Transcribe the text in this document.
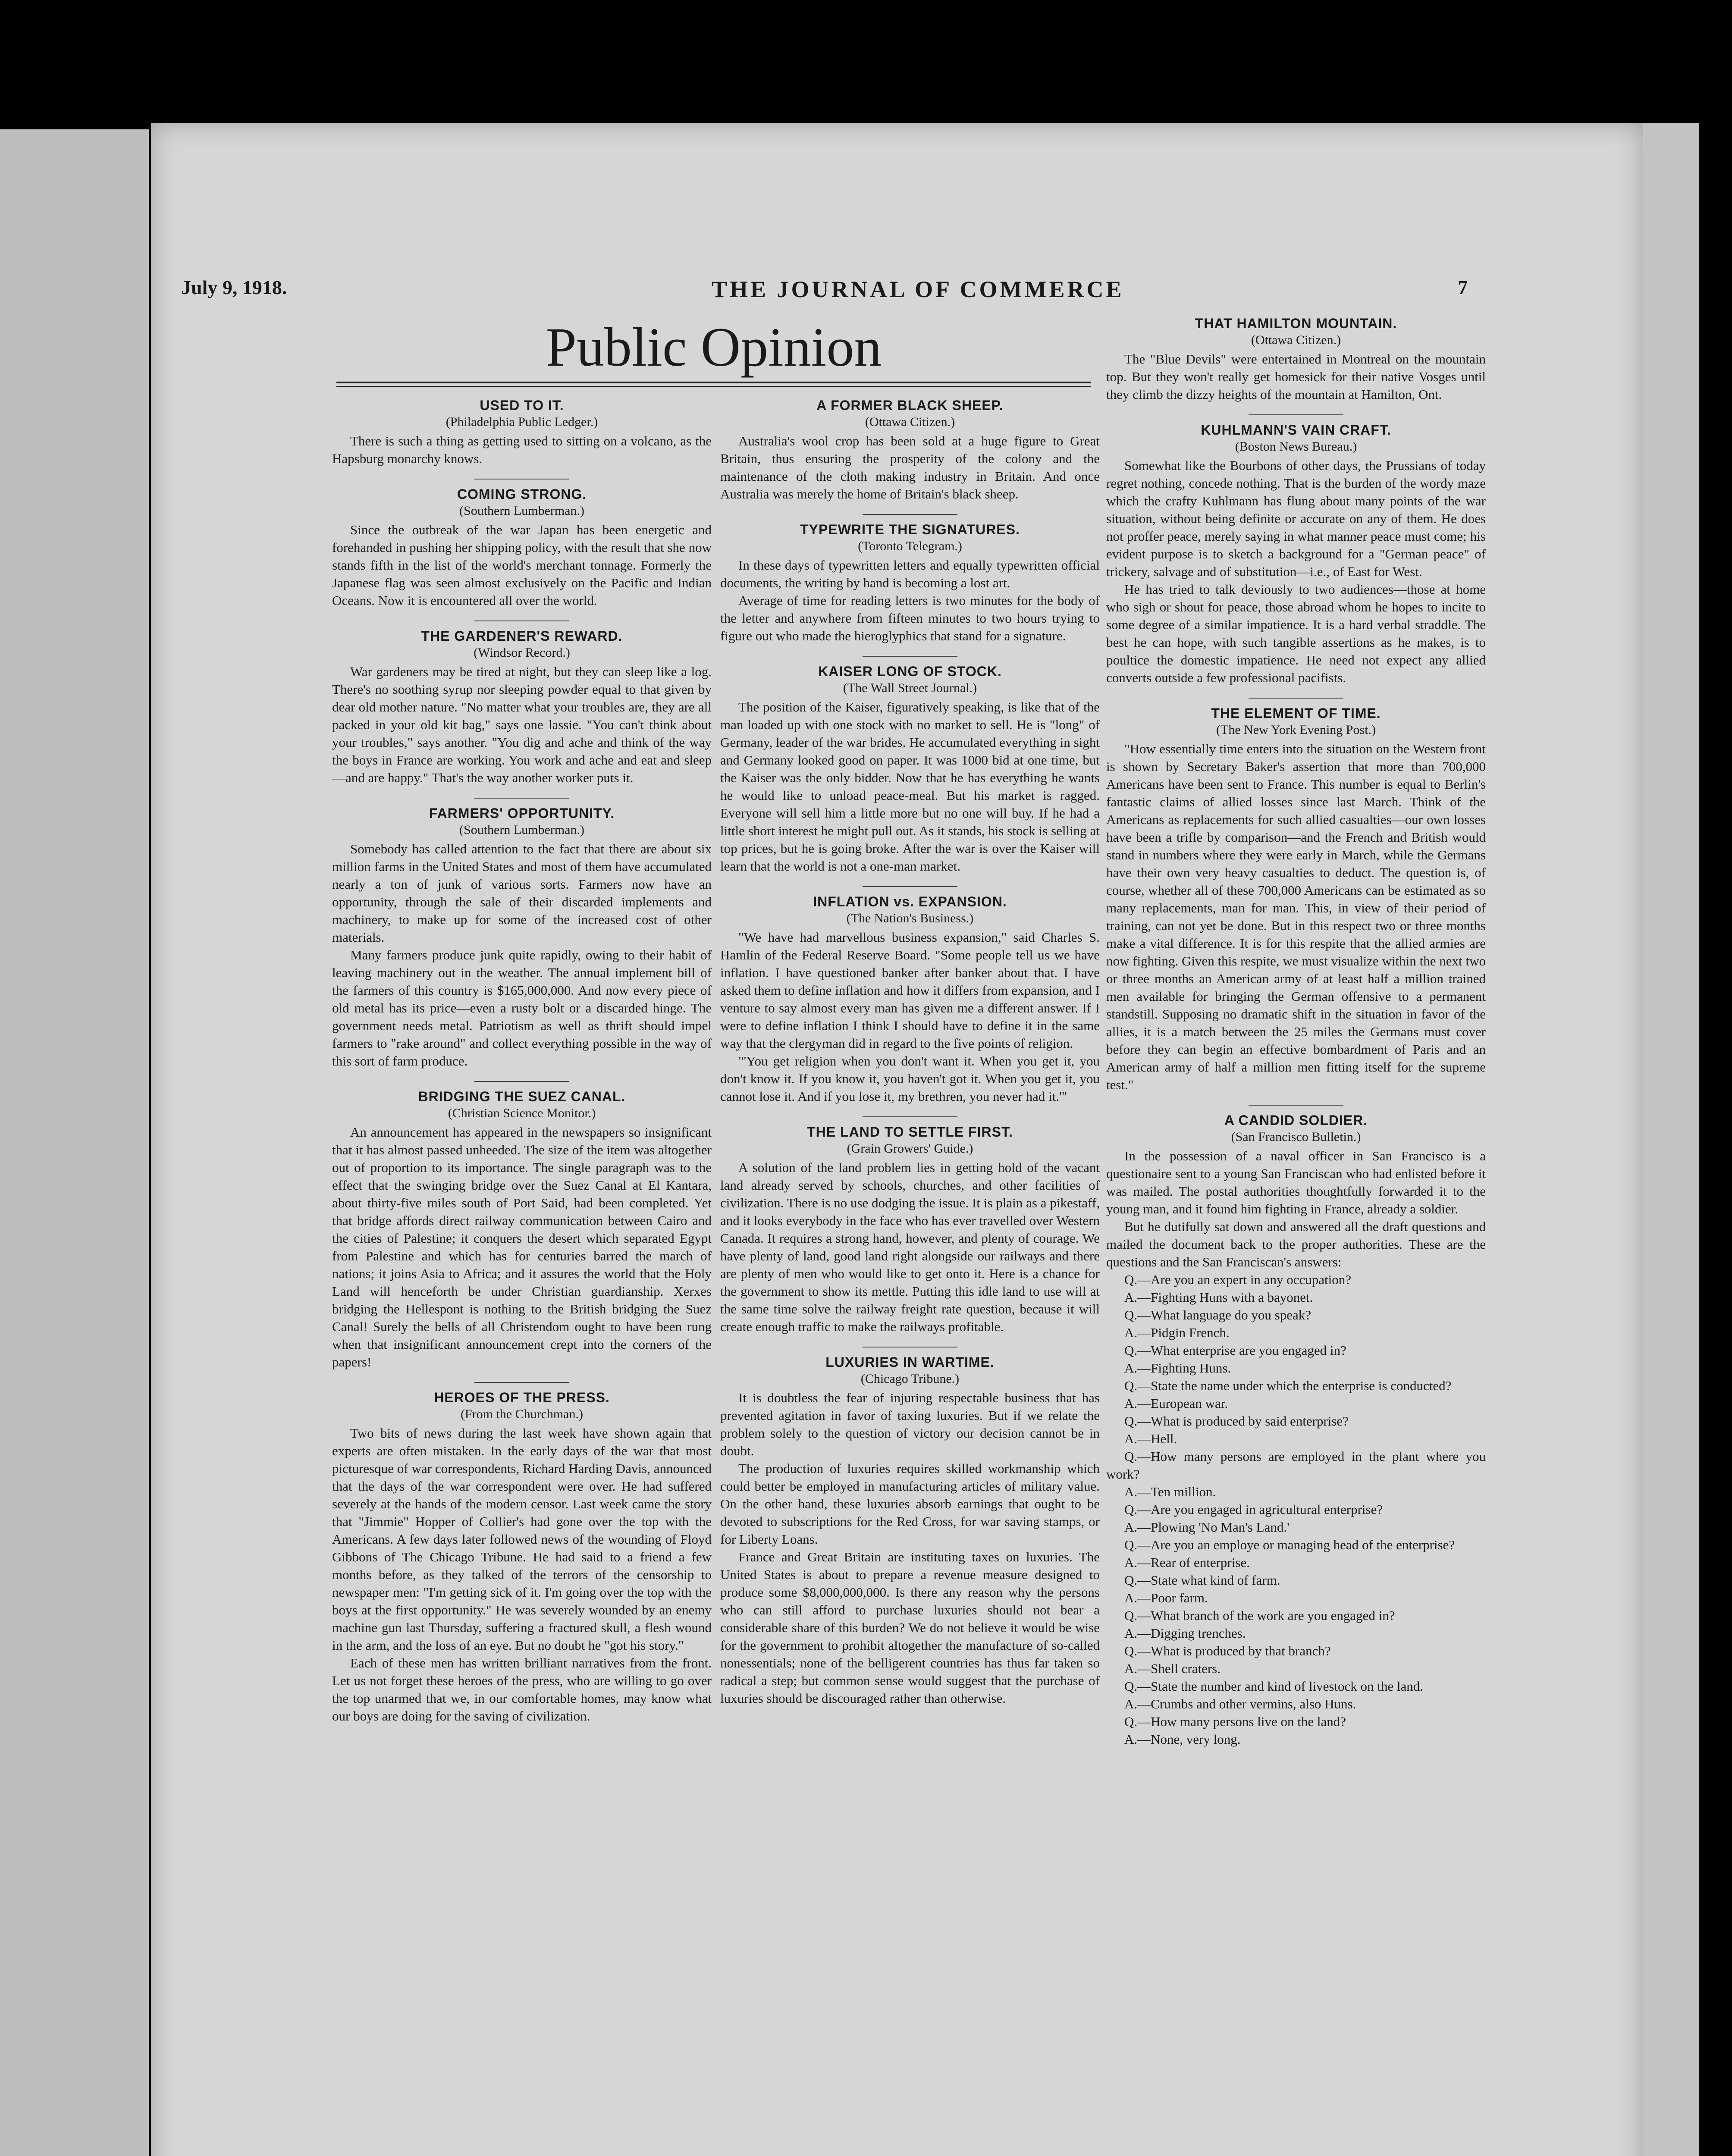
July 9, 1918.	THE JOURNAL OF COMMERCE	7
Public Opinion
USED TO IT.
(Philadelphia Public Ledger.)

There is such a thing as getting used to sitting on a volcano, as the Hapsburg monarchy knows.

COMING STRONG.
(Southern Lumberman.)

Since the outbreak of the war Japan has been energetic and forehanded in pushing her shipping policy, with the result that she now stands fifth in the list of the world's merchant tonnage. Formerly the Japanese flag was seen almost exclusively on the Pacific and Indian Oceans. Now it is encountered all over the world.

THE GARDENER'S REWARD.
(Windsor Record.)

War gardeners may be tired at night, but they can sleep like a log. There's no soothing syrup nor sleeping powder equal to that given by dear old mother nature. "No matter what your troubles are, they are all packed in your old kit bag," says one lassie. "You can't think about your troubles," says another. "You dig and ache and think of the way the boys in France are working. You work and ache and eat and sleep—and are happy." That's the way another worker puts it.

FARMERS' OPPORTUNITY.
(Southern Lumberman.)

Somebody has called attention to the fact that there are about six million farms in the United States and most of them have accumulated nearly a ton of junk of various sorts. Farmers now have an opportunity, through the sale of their discarded implements and machinery, to make up for some of the increased cost of other materials.

Many farmers produce junk quite rapidly, owing to their habit of leaving machinery out in the weather. The annual implement bill of the farmers of this country is $165,000,000. And now every piece of old metal has its price—even a rusty bolt or a discarded hinge. The government needs metal. Patriotism as well as thrift should impel farmers to "rake around" and collect everything possible in the way of this sort of farm produce.

BRIDGING THE SUEZ CANAL.
(Christian Science Monitor.)

An announcement has appeared in the newspapers so insignificant that it has almost passed unheeded. The size of the item was altogether out of proportion to its importance. The single paragraph was to the effect that the swinging bridge over the Suez Canal at El Kantara, about thirty-five miles south of Port Said, had been completed. Yet that bridge affords direct railway communication between Cairo and the cities of Palestine; it conquers the desert which separated Egypt from Palestine and which has for centuries barred the march of nations; it joins Asia to Africa; and it assures the world that the Holy Land will henceforth be under Christian guardianship. Xerxes bridging the Hellespont is nothing to the British bridging the Suez Canal! Surely the bells of all Christendom ought to have been rung when that insignificant announcement crept into the corners of the papers!

HEROES OF THE PRESS.
(From the Churchman.)

Two bits of news during the last week have shown again that experts are often mistaken. In the early days of the war that most picturesque of war correspondents, Richard Harding Davis, announced that the days of the war correspondent were over. He had suffered severely at the hands of the modern censor. Last week came the story that "Jimmie" Hopper of Collier's had gone over the top with the Americans. A few days later followed news of the wounding of Floyd Gibbons of The Chicago Tribune. He had said to a friend a few months before, as they talked of the terrors of the censorship to newspaper men: "I'm getting sick of it. I'm going over the top with the boys at the first opportunity." He was severely wounded by an enemy machine gun last Thursday, suffering a fractured skull, a flesh wound in the arm, and the loss of an eye. But no doubt he "got his story."

Each of these men has written brilliant narratives from the front. Let us not forget these heroes of the press, who are willing to go over the top unarmed that we, in our comfortable homes, may know what our boys are doing for the saving of civilization.

A FORMER BLACK SHEEP.
(Ottawa Citizen.)

Australia's wool crop has been sold at a huge figure to Great Britain, thus ensuring the prosperity of the colony and the maintenance of the cloth making industry in Britain. And once Australia was merely the home of Britain's black sheep.

TYPEWRITE THE SIGNATURES.
(Toronto Telegram.)

In these days of typewritten letters and equally typewritten official documents, the writing by hand is becoming a lost art.

Average of time for reading letters is two minutes for the body of the letter and anywhere from fifteen minutes to two hours trying to figure out who made the hieroglyphics that stand for a signature.

KAISER LONG OF STOCK.
(The Wall Street Journal.)

The position of the Kaiser, figuratively speaking, is like that of the man loaded up with one stock with no market to sell. He is "long" of Germany, leader of the war brides. He accumulated everything in sight and Germany looked good on paper. It was 1000 bid at one time, but the Kaiser was the only bidder. Now that he has everything he wants he would like to unload peace-meal. But his market is ragged. Everyone will sell him a little more but no one will buy. If he had a little short interest he might pull out. As it stands, his stock is selling at top prices, but he is going broke. After the war is over the Kaiser will learn that the world is not a one-man market.

INFLATION vs. EXPANSION.
(The Nation's Business.)

"We have had marvellous business expansion," said Charles S. Hamlin of the Federal Reserve Board. "Some people tell us we have inflation. I have questioned banker after banker about that. I have asked them to define inflation and how it differs from expansion, and I venture to say almost every man has given me a different answer. If I were to define inflation I think I should have to define it in the same way that the clergyman did in regard to the five points of religion.

"'You get religion when you don't want it. When you get it, you don't know it. If you know it, you haven't got it. When you get it, you cannot lose it. And if you lose it, my brethren, you never had it.'"

THE LAND TO SETTLE FIRST.
(Grain Growers' Guide.)

A solution of the land problem lies in getting hold of the vacant land already served by schools, churches, and other facilities of civilization. There is no use dodging the issue. It is plain as a pikestaff, and it looks everybody in the face who has ever travelled over Western Canada. It requires a strong hand, however, and plenty of courage. We have plenty of land, good land right alongside our railways and there are plenty of men who would like to get onto it. Here is a chance for the government to show its mettle. Putting this idle land to use will at the same time solve the railway freight rate question, because it will create enough traffic to make the railways profitable.

LUXURIES IN WARTIME.
(Chicago Tribune.)

It is doubtless the fear of injuring respectable business that has prevented agitation in favor of taxing luxuries. But if we relate the problem solely to the question of victory our decision cannot be in doubt.

The production of luxuries requires skilled workmanship which could better be employed in manufacturing articles of military value. On the other hand, these luxuries absorb earnings that ought to be devoted to subscriptions for the Red Cross, for war saving stamps, or for Liberty Loans.

France and Great Britain are instituting taxes on luxuries. The United States is about to prepare a revenue measure designed to produce some $8,000,000,000. Is there any reason why the persons who can still afford to purchase luxuries should not bear a considerable share of this burden? We do not believe it would be wise for the government to prohibit altogether the manufacture of so-called nonessentials; none of the belligerent countries has thus far taken so radical a step; but common sense would suggest that the purchase of luxuries should be discouraged rather than otherwise.

THAT HAMILTON MOUNTAIN.
(Ottawa Citizen.)

The "Blue Devils" were entertained in Montreal on the mountain top. But they won't really get homesick for their native Vosges until they climb the dizzy heights of the mountain at Hamilton, Ont.

KUHLMANN'S VAIN CRAFT.
(Boston News Bureau.)

Somewhat like the Bourbons of other days, the Prussians of today regret nothing, concede nothing. That is the burden of the wordy maze which the crafty Kuhlmann has flung about many points of the war situation, without being definite or accurate on any of them. He does not proffer peace, merely saying in what manner peace must come; his evident purpose is to sketch a background for a "German peace" of trickery, salvage and of substitution—i.e., of East for West.

He has tried to talk deviously to two audiences—those at home who sigh or shout for peace, those abroad whom he hopes to incite to some degree of a similar impatience. It is a hard verbal straddle. The best he can hope, with such tangible assertions as he makes, is to poultice the domestic impatience. He need not expect any allied converts outside a few professional pacifists.

THE ELEMENT OF TIME.
(The New York Evening Post.)

"How essentially time enters into the situation on the Western front is shown by Secretary Baker's assertion that more than 700,000 Americans have been sent to France. This number is equal to Berlin's fantastic claims of allied losses since last March. Think of the Americans as replacements for such allied casualties—our own losses have been a trifle by comparison—and the French and British would stand in numbers where they were early in March, while the Germans have their own very heavy casualties to deduct. The question is, of course, whether all of these 700,000 Americans can be estimated as so many replacements, man for man. This, in view of their period of training, can not yet be done. But in this respect two or three months make a vital difference. It is for this respite that the allied armies are now fighting. Given this respite, we must visualize within the next two or three months an American army of at least half a million trained men available for bringing the German offensive to a permanent standstill. Supposing no dramatic shift in the situation in favor of the allies, it is a match between the 25 miles the Germans must cover before they can begin an effective bombardment of Paris and an American army of half a million men fitting itself for the supreme test."

A CANDID SOLDIER.
(San Francisco Bulletin.)

In the possession of a naval officer in San Francisco is a questionaire sent to a young San Franciscan who had enlisted before it was mailed. The postal authorities thoughtfully forwarded it to the young man, and it found him fighting in France, already a soldier.

But he dutifully sat down and answered all the draft questions and mailed the document back to the proper authorities. These are the questions and the San Franciscan's answers:

Q.—Are you an expert in any occupation?

A.—Fighting Huns with a bayonet.

Q.—What language do you speak?

A.—Pidgin French.

Q.—What enterprise are you engaged in?

A.—Fighting Huns.

Q.—State the name under which the enterprise is conducted?

A.—European war.

Q.—What is produced by said enterprise?

A.—Hell.

Q.—How many persons are employed in the plant where you work?

A.—Ten million.

Q.—Are you engaged in agricultural enterprise?

A.—Plowing 'No Man's Land.'

Q.—Are you an employe or managing head of the enterprise?

A.—Rear of enterprise.

Q.—State what kind of farm.

A.—Poor farm.

Q.—What branch of the work are you engaged in?

A.—Digging trenches.

Q.—What is produced by that branch?

A.—Shell craters.

Q.—State the number and kind of livestock on the land.

A.—Crumbs and other vermins, also Huns.

Q.—How many persons live on the land?

A.—None, very long.
